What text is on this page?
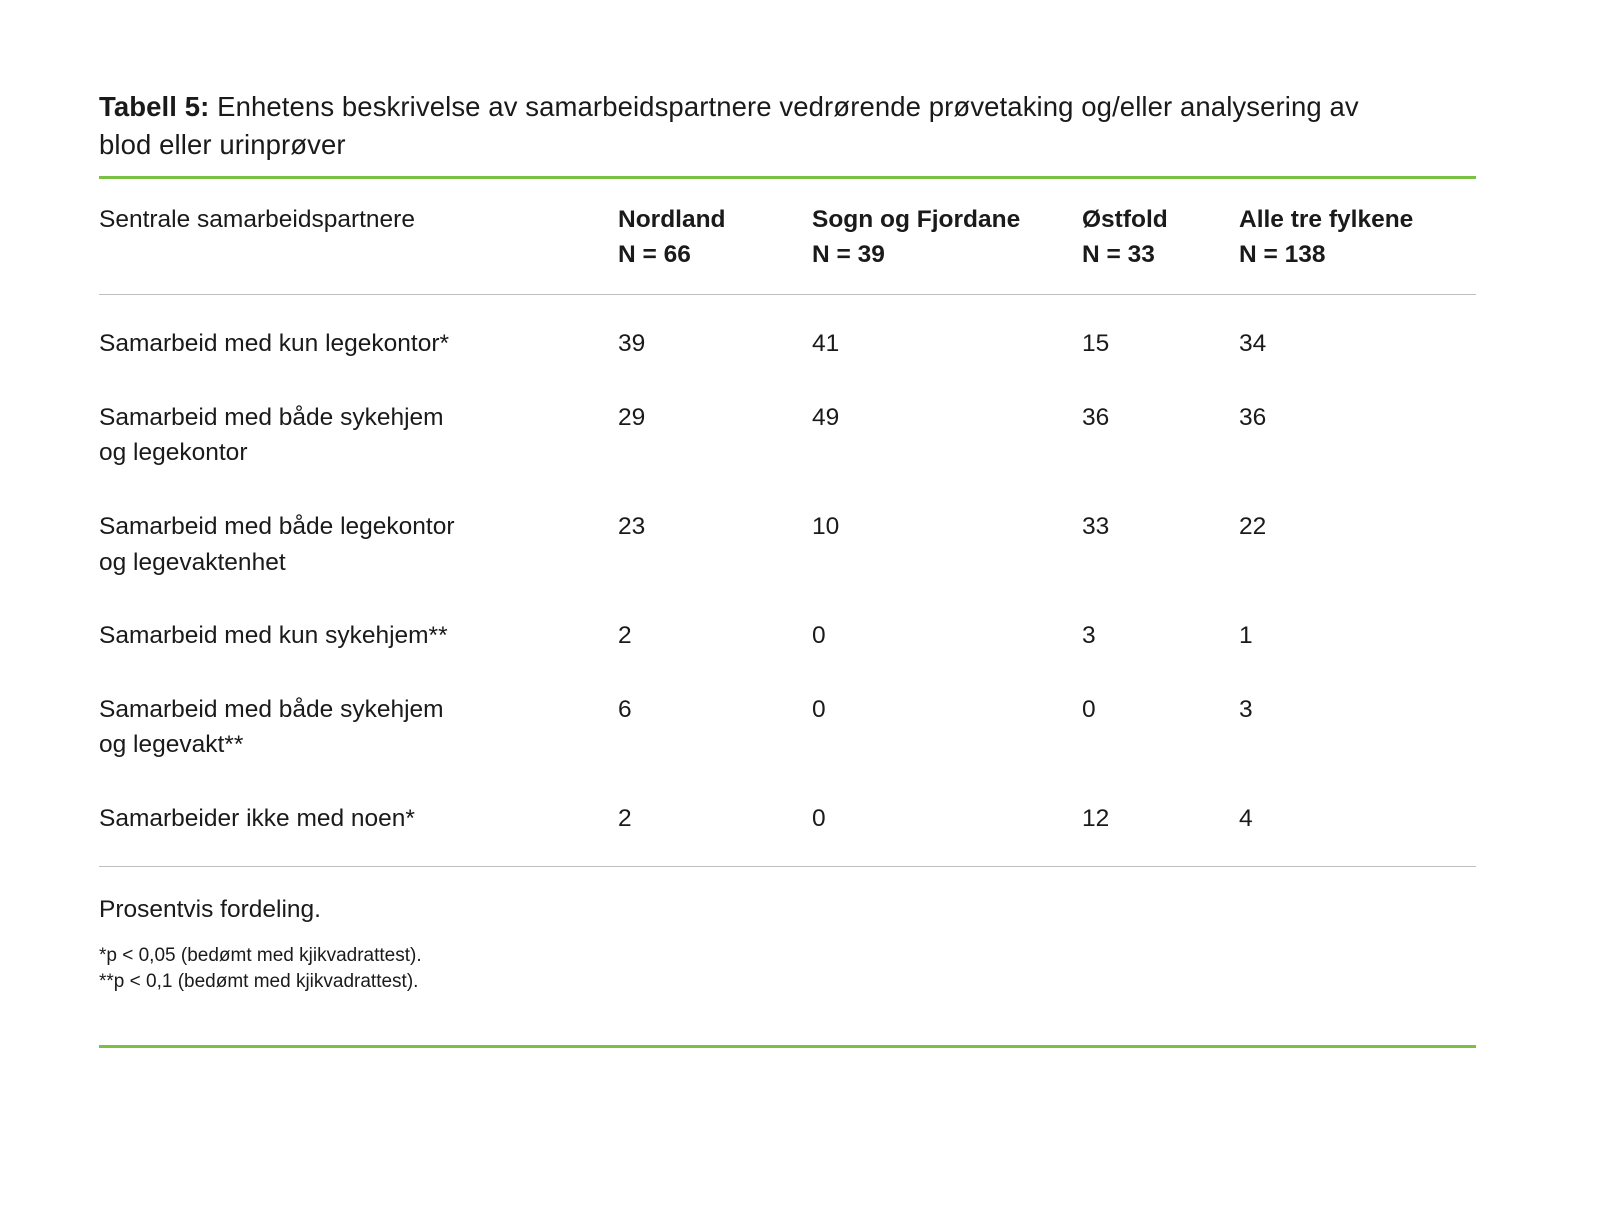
Tabell 5: Enhetens beskrivelse av samarbeidspartnere vedrørende prøvetaking og/eller analysering av blod eller urinprøver
Sentrale samarbeidspartnere	Nordland
N = 66
	Sogn og Fjordane
N = 39
	Østfold
N = 33
	Alle tre fylkene
N = 138
Samarbeid med kun legekontor*	39	41	15	34
Samarbeid med både sykehjem
og legekontor	29	49	36	36
Samarbeid med både legekontor
og legevaktenhet	23	10	33	22
Samarbeid med kun sykehjem**	2	0	3	1
Samarbeid med både sykehjem
og legevakt**	6	0	0	3
Samarbeider ikke med noen*	2	0	12	4
Prosentvis fordeling.
*p < 0,05 (bedømt med kjikvadrattest).
**p < 0,1 (bedømt med kjikvadrattest).
